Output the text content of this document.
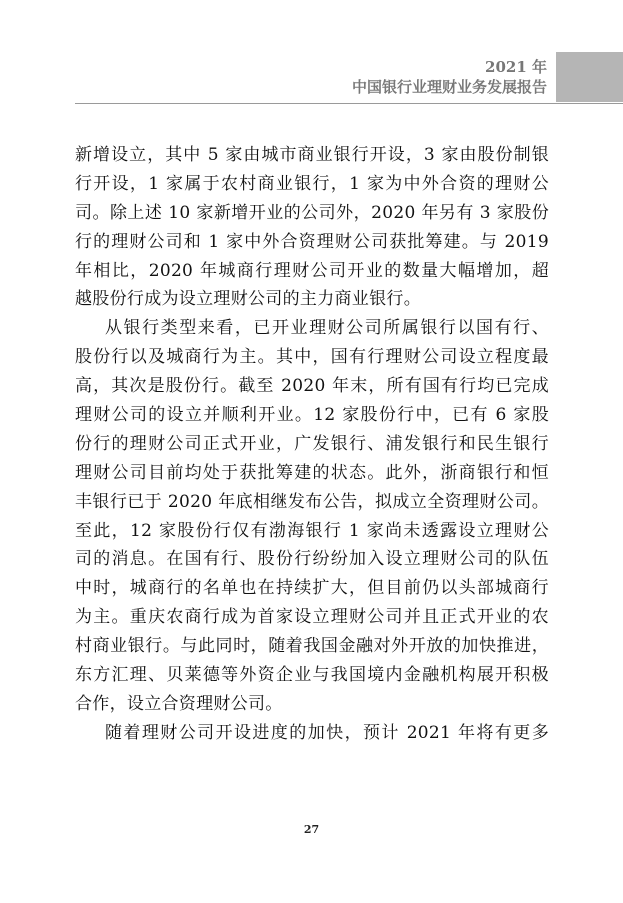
2021 年
中国银行业理财业务发展报告
新增设立，其中 5 家由城市商业银行开设，3 家由股份制银
行开设，1 家属于农村商业银行，1 家为中外合资的理财公
司。除上述 10 家新增开业的公司外，2020 年另有 3 家股份
行的理财公司和 1 家中外合资理财公司获批筹建。与 2019
年相比，2020 年城商行理财公司开业的数量大幅增加，超
越股份行成为设立理财公司的主力商业银行。
从银行类型来看，已开业理财公司所属银行以国有行、
股份行以及城商行为主。其中，国有行理财公司设立程度最
高，其次是股份行。截至 2020 年末，所有国有行均已完成
理财公司的设立并顺利开业。12 家股份行中，已有 6 家股
份行的理财公司正式开业，广发银行、浦发银行和民生银行
理财公司目前均处于获批筹建的状态。此外，浙商银行和恒
丰银行已于 2020 年底相继发布公告，拟成立全资理财公司。
至此，12 家股份行仅有渤海银行 1 家尚未透露设立理财公
司的消息。在国有行、股份行纷纷加入设立理财公司的队伍
中时，城商行的名单也在持续扩大，但目前仍以头部城商行
为主。重庆农商行成为首家设立理财公司并且正式开业的农
村商业银行。与此同时，随着我国金融对外开放的加快推进，
东方汇理、贝莱德等外资企业与我国境内金融机构展开积极
合作，设立合资理财公司。
随着理财公司开设进度的加快，预计 2021 年将有更多
27
